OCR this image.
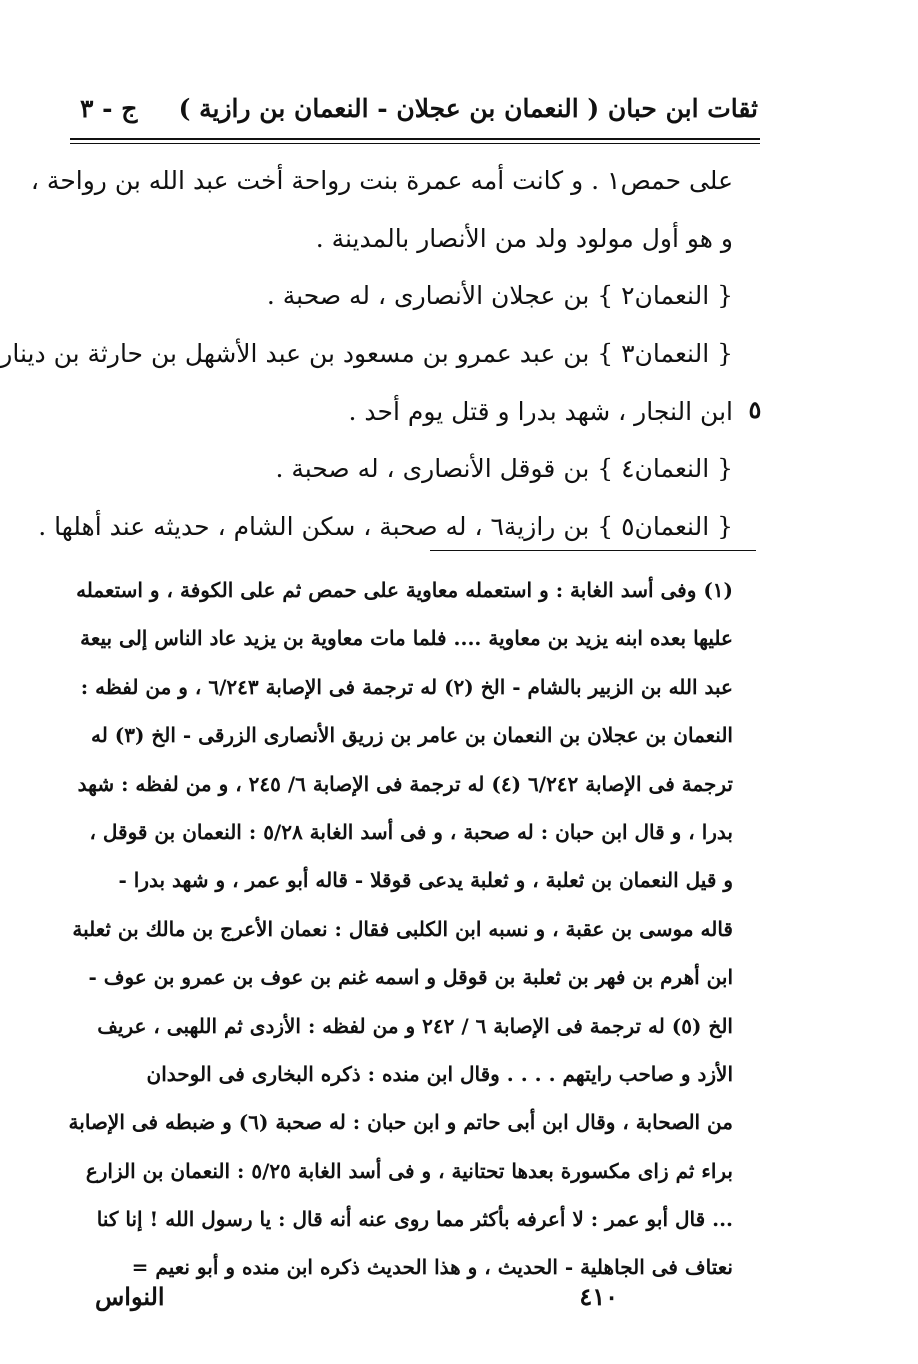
ثقات ابن حبان ( النعمان بن عجلان - النعمان بن رازية )
ج - ٣
على حمص١ . و كانت أمه عمرة بنت رواحة أخت عبد الله بن رواحة ،
و هو أول مولود ولد من الأنصار بالمدينة .
{ النعمان٢ } بن عجلان الأنصارى ، له صحبة .
{ النعمان٣ } بن عبد عمرو بن مسعود بن عبد الأشهل بن حارثة بن دينار
ابن النجار ، شهد بدرا و قتل يوم أحد .
{ النعمان٤ } بن قوقل الأنصارى ، له صحبة .
{ النعمان٥ } بن رازية٦ ، له صحبة ، سكن الشام ، حديثه عند أهلها .
٥
(١) وفى أسد الغابة : و استعمله معاوية على حمص ثم على الكوفة ، و استعمله
عليها بعده ابنه يزيد بن معاوية .... فلما مات معاوية بن يزيد عاد الناس إلى بيعة
عبد الله بن الزبير بالشام - الخ (٢) له ترجمة فى الإصابة ٦/٢٤٣ ، و من لفظه :
النعمان بن عجلان بن النعمان بن عامر بن زريق الأنصارى الزرقى - الخ (٣) له
ترجمة فى الإصابة ٦/٢٤٢ (٤) له ترجمة فى الإصابة ٦/ ٢٤٥ ، و من لفظه : شهد
بدرا ، و قال ابن حبان : له صحبة ، و فى أسد الغابة ٥/٢٨ : النعمان بن قوقل ،
و قيل النعمان بن ثعلبة ، و ثعلبة يدعى قوقلا - قاله أبو عمر ، و شهد بدرا -
قاله موسى بن عقبة ، و نسبه ابن الكلبى فقال : نعمان الأعرج بن مالك بن ثعلبة
ابن أهرم بن فهر بن ثعلبة بن قوقل و اسمه غنم بن عوف بن عمرو بن عوف -
الخ (٥) له ترجمة فى الإصابة ٦ / ٢٤٢ و من لفظه : الأزدى ثم اللهبى ، عريف
الأزد و صاحب رايتهم . . . . وقال ابن منده : ذكره البخارى فى الوحدان
من الصحابة ، وقال ابن أبى حاتم و ابن حبان : له صحبة (٦) و ضبطه فى الإصابة
براء ثم زاى مكسورة بعدها تحتانية ، و فى أسد الغابة ٥/٢٥ : النعمان بن الزارع
... قال أبو عمر : لا أعرفه بأكثر مما روى عنه أنه قال : يا رسول الله ! إنا كنا
نعتاف فى الجاهلية - الحديث ، و هذا الحديث ذكره ابن منده و أبو نعيم =
٤١٠
النواس
